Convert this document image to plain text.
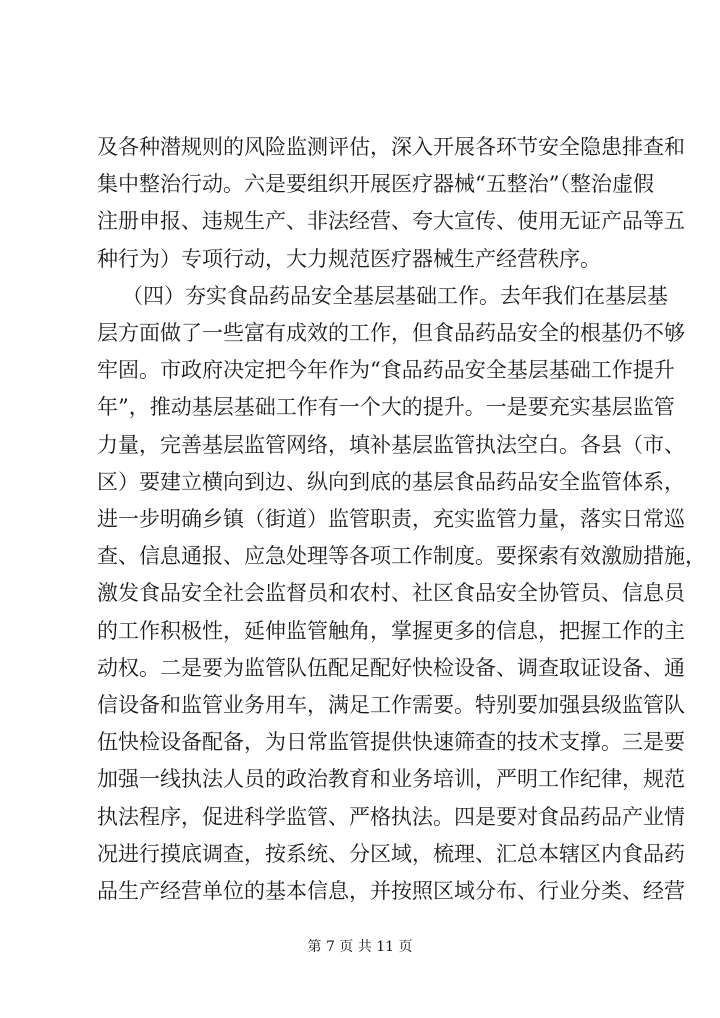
及各种潜规则的风险监测评估，深入开展各环节安全隐患排查和
集中整治行动。六是要组织开展医疗器械“五整治”（整治虚假
注册申报、违规生产、非法经营、夸大宣传、使用无证产品等五
种行为）专项行动，大力规范医疗器械生产经营秩序。
（四）夯实食品药品安全基层基础工作。去年我们在基层基
层方面做了一些富有成效的工作，但食品药品安全的根基仍不够
牢固。市政府决定把今年作为“食品药品安全基层基础工作提升
年”，推动基层基础工作有一个大的提升。一是要充实基层监管
力量，完善基层监管网络，填补基层监管执法空白。各县（市、
区）要建立横向到边、纵向到底的基层食品药品安全监管体系，
进一步明确乡镇（街道）监管职责，充实监管力量，落实日常巡
查、信息通报、应急处理等各项工作制度。要探索有效激励措施，
激发食品安全社会监督员和农村、社区食品安全协管员、信息员
的工作积极性，延伸监管触角，掌握更多的信息，把握工作的主
动权。二是要为监管队伍配足配好快检设备、调查取证设备、通
信设备和监管业务用车，满足工作需要。特别要加强县级监管队
伍快检设备配备，为日常监管提供快速筛查的技术支撑。三是要
加强一线执法人员的政治教育和业务培训，严明工作纪律，规范
执法程序，促进科学监管、严格执法。四是要对食品药品产业情
况进行摸底调查，按系统、分区域，梳理、汇总本辖区内食品药
品生产经营单位的基本信息，并按照区域分布、行业分类、经营
第 7 页 共 11 页
